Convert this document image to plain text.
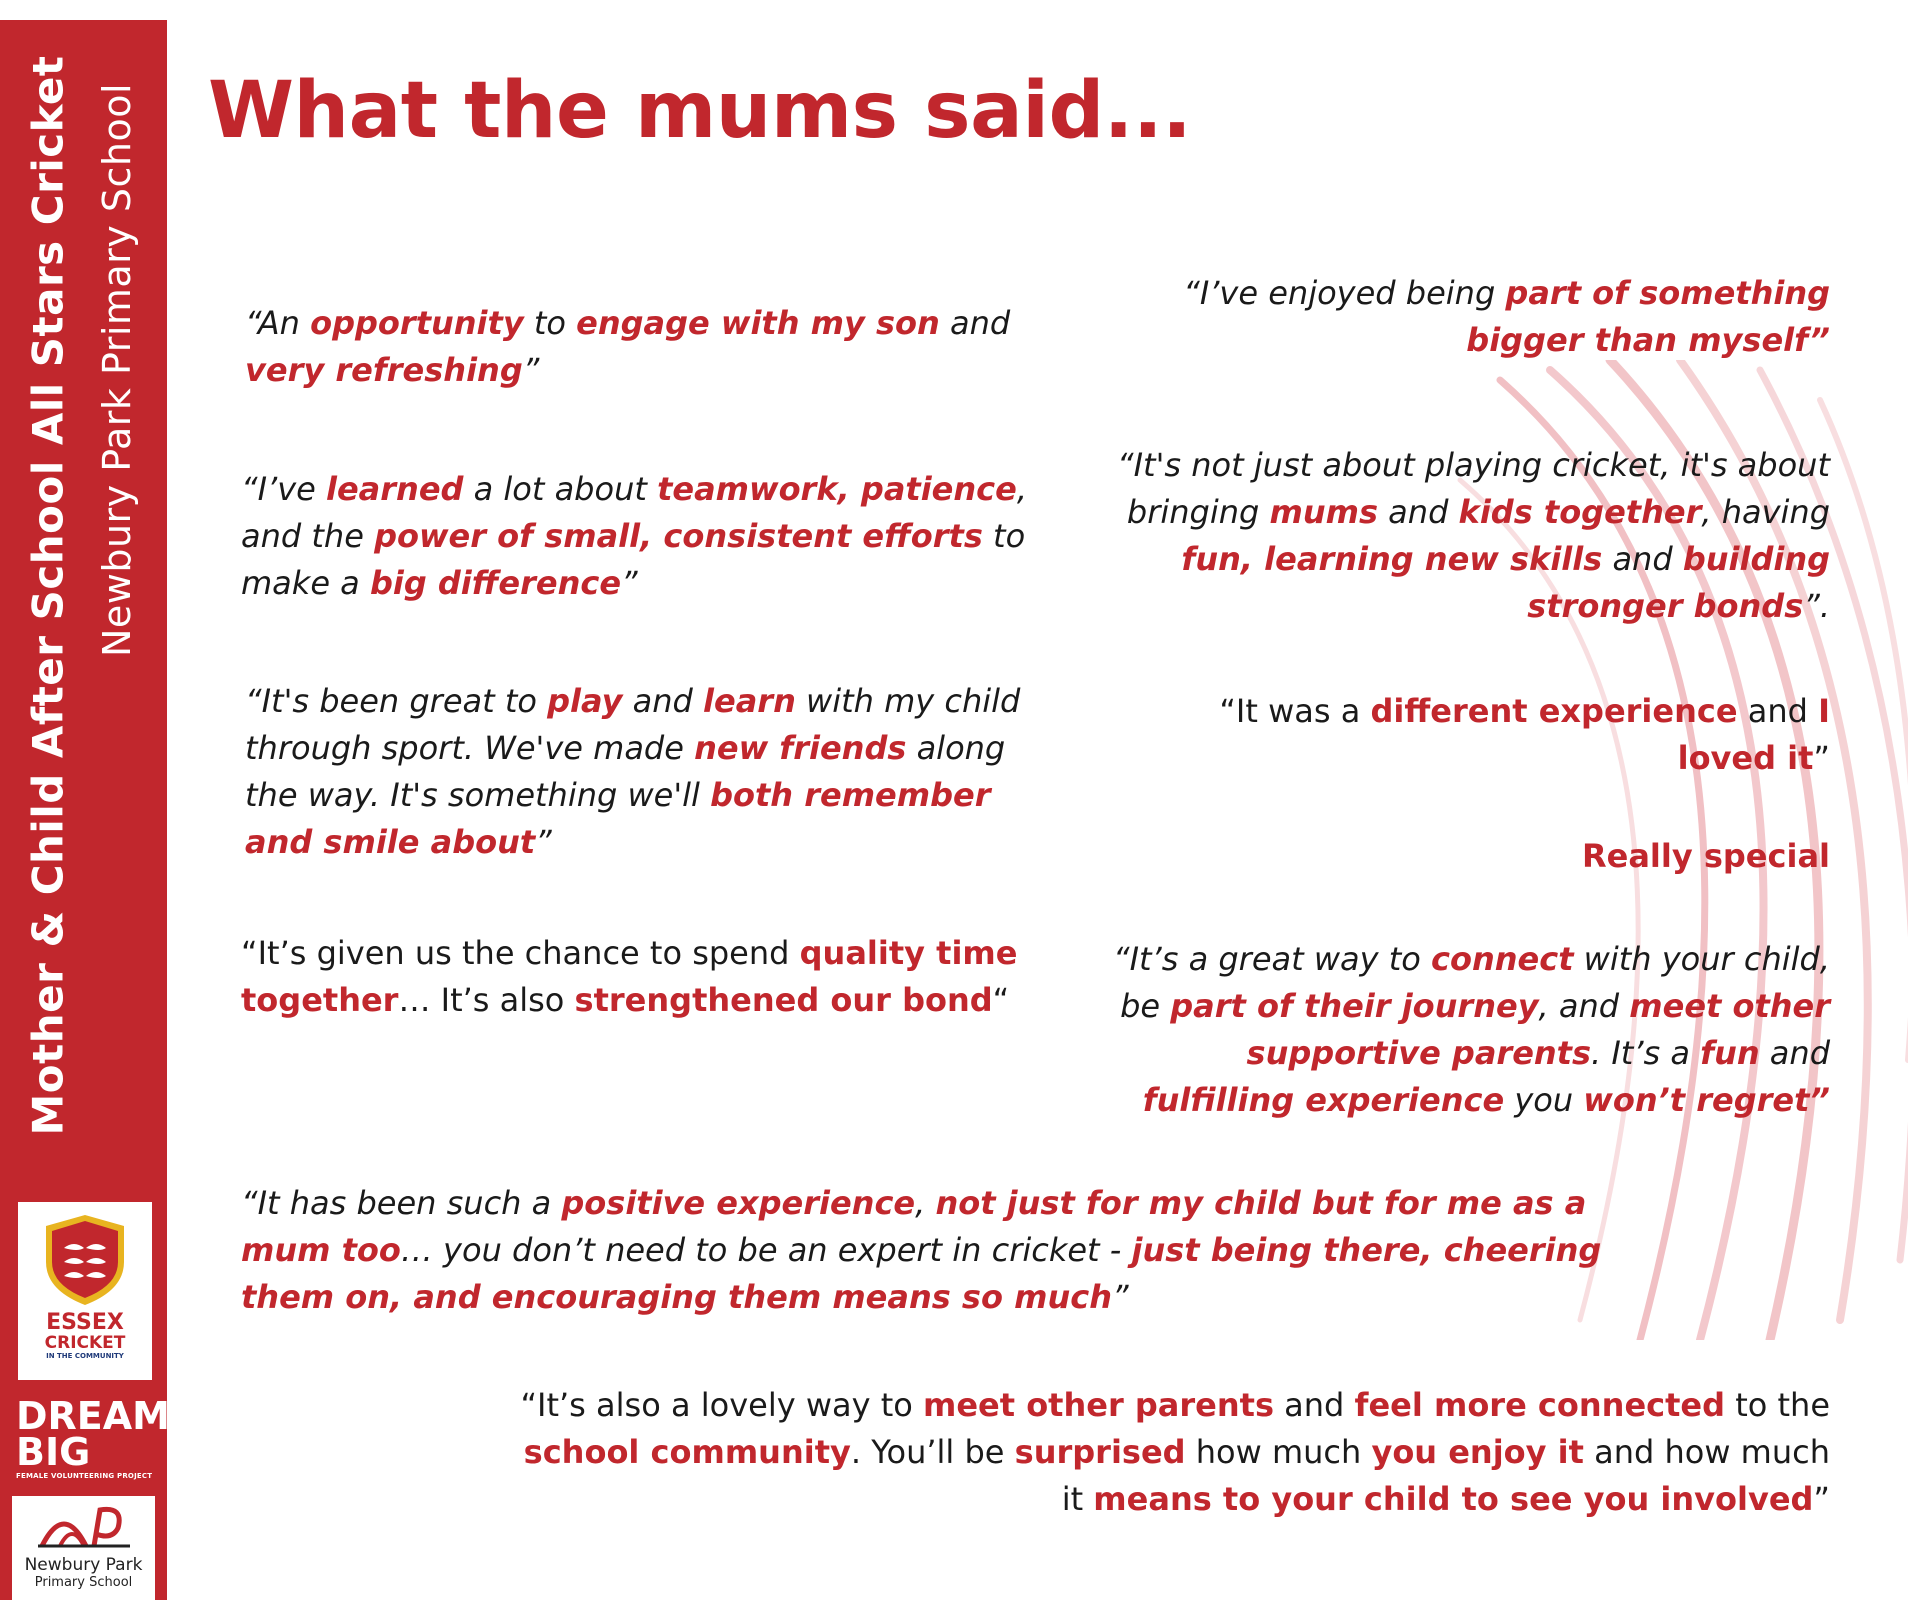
Mother & Child After School All Stars Cricket Newbury Park Primary School
ESSEX
CRICKET
IN THE COMMUNITY
DREAM
BIG
FEMALE VOLUNTEERING PROJECT
Newbury Park
Primary School
What the mums said...

“An opportunity to engage with my son and very refreshing”

“I’ve learned a lot about teamwork, patience, and the power of small, consistent efforts to make a big difference”

“It's been great to play and learn with my child through sport. We've made new friends along the way. It's something we'll both remember and smile about”

“It’s given us the chance to spend quality time together… It’s also strengthened our bond“

“I’ve enjoyed being part of something bigger than myself”

“It's not just about playing cricket, it's about bringing mums and kids together, having fun, learning new skills and building stronger bonds”.

“It was a different experience and I loved it”

Really special

“It’s a great way to connect with your child, be part of their journey, and meet other supportive parents. It’s a fun and fulfilling experience you won’t regret”

“It has been such a positive experience, not just for my child but for me as a mum too… you don’t need to be an expert in cricket - just being there, cheering them on, and encouraging them means so much”

“It’s also a lovely way to meet other parents and feel more connected to the school community. You’ll be surprised how much you enjoy it and how much it means to your child to see you involved”
